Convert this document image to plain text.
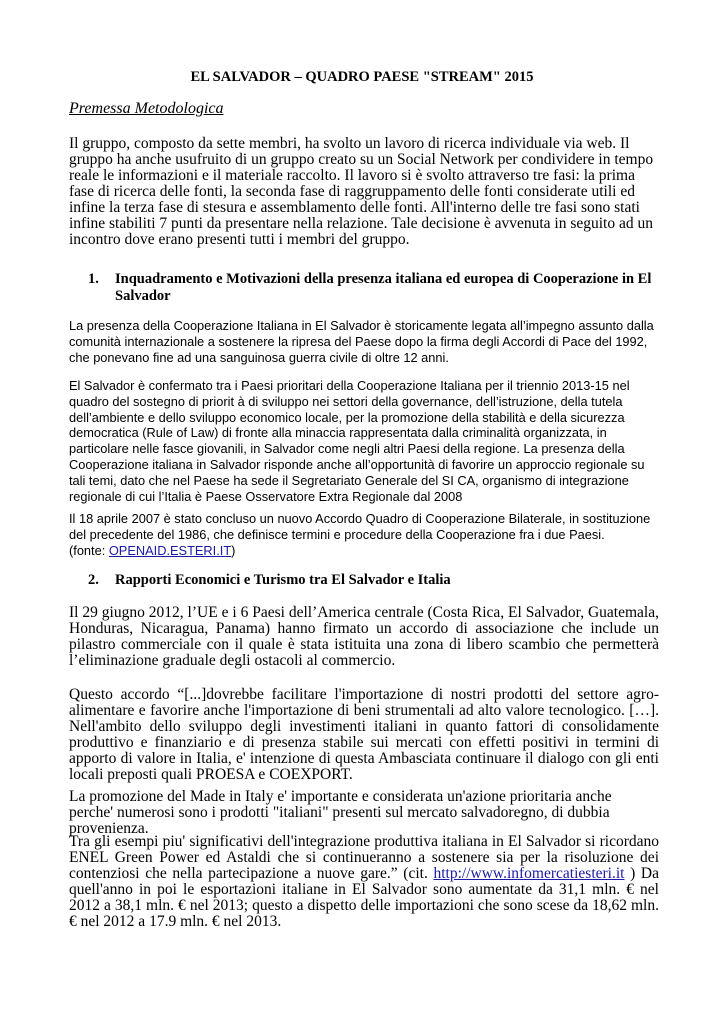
EL SALVADOR – QUADRO PAESE "STREAM" 2015

Premessa Metodologica

Il gruppo, composto da sette membri, ha svolto un lavoro di ricerca individuale via web. Il gruppo ha anche usufruito di un gruppo creato su un Social Network per condividere in tempo reale le informazioni e il materiale raccolto. Il lavoro si è svolto attraverso tre fasi: la prima fase di ricerca delle fonti, la seconda fase di raggruppamento delle fonti considerate utili ed infine la terza fase di stesura e assemblamento delle fonti. All'interno delle tre fasi sono stati infine stabiliti 7 punti da presentare nella relazione. Tale decisione è avvenuta in seguito ad un incontro dove erano presenti tutti i membri del gruppo.

1.	Inquadramento e Motivazioni della presenza italiana ed europea di Cooperazione in El Salvador

La presenza della Cooperazione Italiana in El Salvador è storicamente legata all’impegno assunto dalla comunità internazionale a sostenere la ripresa del Paese dopo la firma degli Accordi di Pace del 1992, che ponevano fine ad una sanguinosa guerra civile di oltre 12 anni.

El Salvador è confermato tra i Paesi prioritari della Cooperazione Italiana per il triennio 2013-15 nel quadro del sostegno di priorit à di sviluppo nei settori della governance, dell’istruzione, della tutela dell’ambiente e dello sviluppo economico locale, per la promozione della stabilità e della sicurezza democratica (Rule of Law) di fronte alla minaccia rappresentata dalla criminalità organizzata, in particolare nelle fasce giovanili, in Salvador come negli altri Paesi della regione. La presenza della Cooperazione italiana in Salvador risponde anche all’opportunità di favorire un approccio regionale su tali temi, dato che nel Paese ha sede il Segretariato Generale del SI CA, organismo di integrazione regionale di cui l’Italia è Paese Osservatore Extra Regionale dal 2008

Il 18 aprile 2007 è stato concluso un nuovo Accordo Quadro di Cooperazione Bilaterale, in sostituzione del precedente del 1986, che definisce termini e procedure della Cooperazione fra i due Paesi.
(fonte: OPENAID.ESTERI.IT)

2.	Rapporti Economici e Turismo tra El Salvador e Italia

Il 29 giugno 2012, l’UE e i 6 Paesi dell’America centrale (Costa Rica, El Salvador, Guatemala, Honduras, Nicaragua, Panama) hanno firmato un accordo di associazione che include un pilastro commerciale con il quale è stata istituita una zona di libero scambio che permetterà l’eliminazione graduale degli ostacoli al commercio.

Questo accordo “[...]dovrebbe facilitare l'importazione di nostri prodotti del settore agro-alimentare e favorire anche l'importazione di beni strumentali ad alto valore tecnologico. […]. Nell'ambito dello sviluppo degli investimenti italiani in quanto fattori di consolidamente produttivo e finanziario e di presenza stabile sui mercati con effetti positivi in termini di apporto di valore in Italia, e' intenzione di questa Ambasciata continuare il dialogo con gli enti locali preposti quali PROESA e COEXPORT.

La promozione del Made in Italy e' importante e considerata un'azione prioritaria anche perche' numerosi sono i prodotti "italiani" presenti sul mercato salvadoregno, di dubbia provenienza.

Tra gli esempi piu' significativi dell'integrazione produttiva italiana in El Salvador si ricordano ENEL Green Power ed Astaldi che si continueranno a sostenere sia per la risoluzione dei contenziosi che nella partecipazione a nuove gare.” (cit. http://www.infomercatiesteri.it ) Da quell'anno in poi le esportazioni italiane in El Salvador sono aumentate da 31,1 mln. € nel 2012 a 38,1 mln. € nel 2013; questo a dispetto delle importazioni che sono scese da 18,62 mln. € nel 2012 a 17.9 mln. € nel 2013.
